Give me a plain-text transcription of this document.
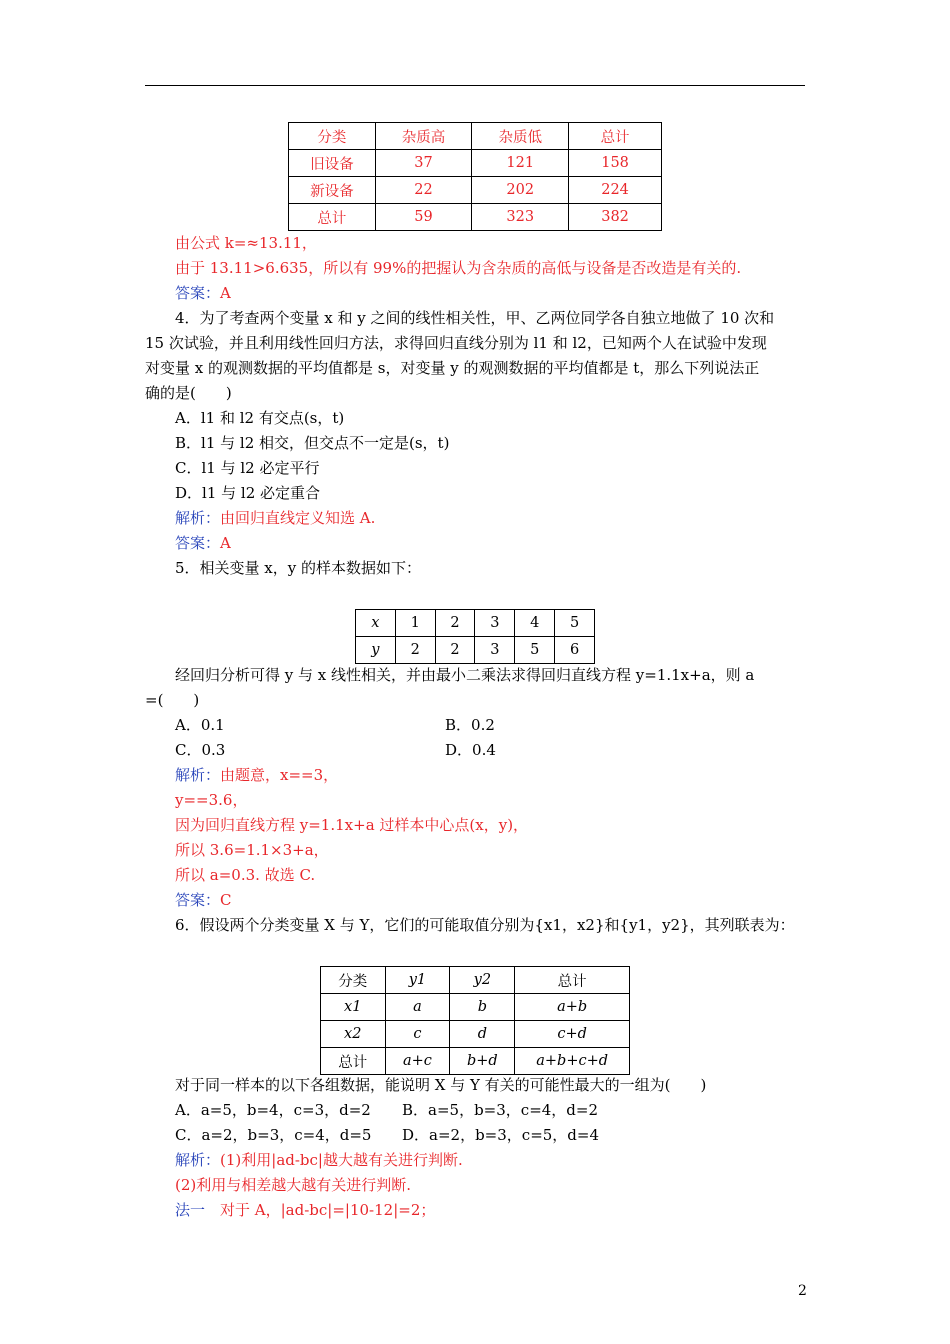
分类	杂质高	杂质低	总计
旧设备	37	121	158
新设备	22	202	224
总计	59	323	382
由公式 k=≈13.11，
由于 13.11>6.635，所以有 99%的把握认为含杂质的高低与设备是否改造是有关的.
答案：A
4．为了考查两个变量 x 和 y 之间的线性相关性，甲、乙两位同学各自独立地做了 10 次和
15 次试验，并且利用线性回归方法，求得回归直线分别为 l1 和 l2，已知两个人在试验中发现
对变量 x 的观测数据的平均值都是 s，对变量 y 的观测数据的平均值都是 t，那么下列说法正
确的是(　　)
A．l1 和 l2 有交点(s，t)
B．l1 与 l2 相交，但交点不一定是(s，t)
C．l1 与 l2 必定平行
D．l1 与 l2 必定重合
解析：由回归直线定义知选 A.
答案：A
5．相关变量 x，y 的样本数据如下：
x	1	2	3	4	5
y	2	2	3	5	6
经回归分析可得 y 与 x 线性相关，并由最小二乘法求得回归直线方程 y=1.1x+a，则 a
=(　　)
A．0.1	B．0.2
C．0.3	D．0.4
解析：由题意，x==3，
y==3.6，
因为回归直线方程 y=1.1x+a 过样本中心点(x，y)，
所以 3.6=1.1×3+a，
所以 a=0.3. 故选 C.
答案：C
6．假设两个分类变量 X 与 Y，它们的可能取值分别为{x1，x2}和{y1，y2}，其列联表为：
分类	y1	y2	总计
x1	a	b	a+b
x2	c	d	c+d
总计	a+c	b+d	a+b+c+d
对于同一样本的以下各组数据，能说明 X 与 Y 有关的可能性最大的一组为(　　)
A．a=5，b=4，c=3，d=2 B．a=5，b=3，c=4，d=2
C．a=2，b=3，c=4，d=5 D．a=2，b=3，c=5，d=4
解析：(1)利用|ad-bc|越大越有关进行判断.
(2)利用与相差越大越有关进行判断.
法一　对于 A，|ad-bc|=|10-12|=2；
2
